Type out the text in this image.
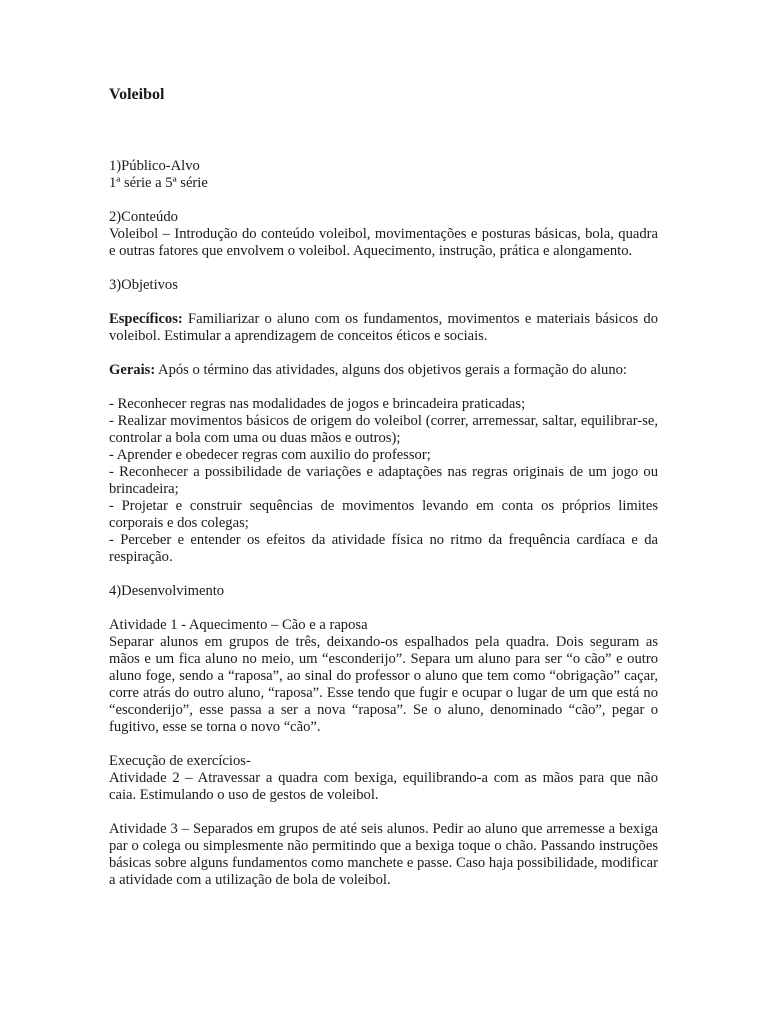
Voleibol

1)Público-Alvo

1ª série a 5ª série

2)Conteúdo

Voleibol – Introdução do conteúdo voleibol, movimentações e posturas básicas, bola, quadra e outras fatores que envolvem o voleibol. Aquecimento, instrução, prática e alongamento.

3)Objetivos

Específicos: Familiarizar o aluno com os fundamentos, movimentos e materiais básicos do voleibol. Estimular a aprendizagem de conceitos éticos e sociais.

Gerais: Após o término das atividades, alguns dos objetivos gerais a formação do aluno:

- Reconhecer regras nas modalidades de jogos e brincadeira praticadas;

- Realizar movimentos básicos de origem do voleibol (correr, arremessar, saltar, equilibrar-se, controlar a bola com uma ou duas mãos e outros);

- Aprender e obedecer regras com auxilio do professor;

- Reconhecer a possibilidade de variações e adaptações nas regras originais de um jogo ou brincadeira;

- Projetar e construir sequências de movimentos levando em conta os próprios limites corporais e dos colegas;

- Perceber e entender os efeitos da atividade física no ritmo da frequência cardíaca e da respiração.

4)Desenvolvimento

Atividade 1 - Aquecimento – Cão e a raposa

Separar alunos em grupos de três, deixando-os espalhados pela quadra. Dois seguram as mãos e um fica aluno no meio, um “esconderijo”. Separa um aluno para ser “o cão” e outro aluno foge, sendo a “raposa”, ao sinal do professor o aluno que tem como “obrigação” caçar, corre atrás do outro aluno, “raposa”. Esse tendo que fugir e ocupar o lugar de um que está no “esconderijo”, esse passa a ser a nova “raposa”. Se o aluno, denominado “cão”, pegar o fugitivo, esse se torna o novo “cão”.

Execução de exercícios-

Atividade 2 – Atravessar a quadra com bexiga, equilibrando-a com as mãos para que não caia. Estimulando o uso de gestos de voleibol.

Atividade 3 – Separados em grupos de até seis alunos. Pedir ao aluno que arremesse a bexiga par o colega ou simplesmente não permitindo que a bexiga toque o chão. Passando instruções básicas sobre alguns fundamentos como manchete e passe. Caso haja possibilidade, modificar a atividade com a utilização de bola de voleibol.
